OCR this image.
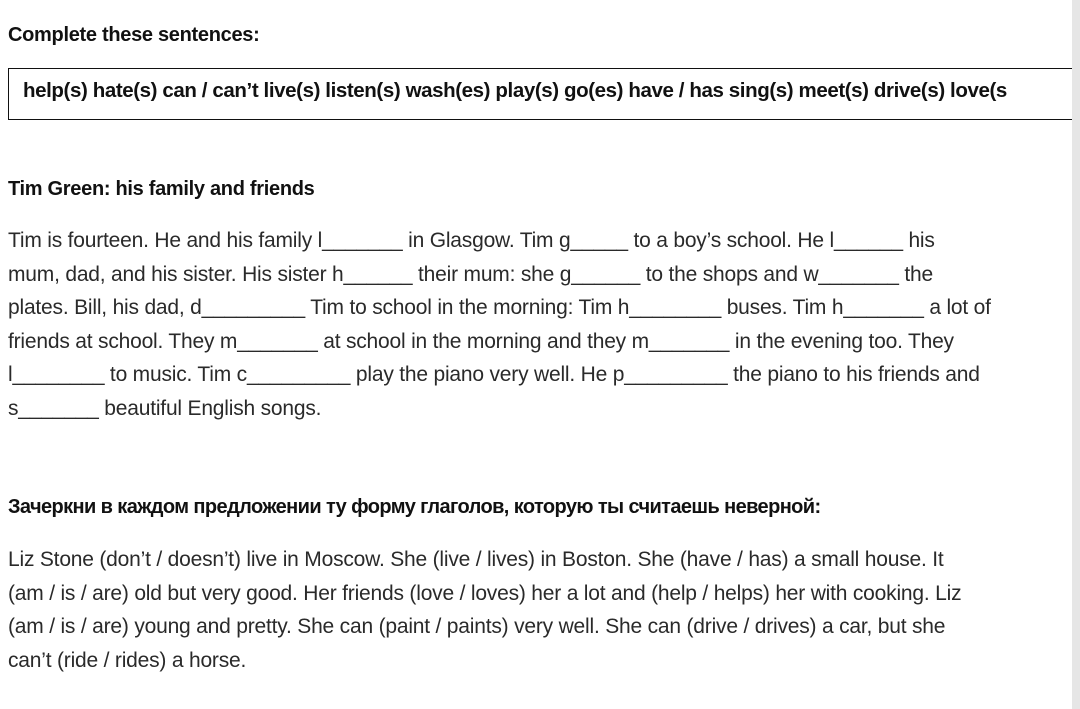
Complete these sentences:
help(s) hate(s) can / can’t live(s) listen(s) wash(es) play(s) go(es) have / has sing(s) meet(s) drive(s) love(s
Tim Green: his family and friends
Tim is fourteen. He and his family l_______ in Glasgow. Tim g_____ to a boy’s school. He l______ his
mum, dad, and his sister. His sister h______ their mum: she g______ to the shops and w_______ the
plates. Bill, his dad, d_________ Tim to school in the morning: Tim h________ buses. Tim h_______ a lot of
friends at school. They m_______ at school in the morning and they m_______ in the evening too. They
l________ to music. Tim c_________ play the piano very well. He p_________ the piano to his friends and
s_______ beautiful English songs.
Зачеркни в каждом предложении ту форму глаголов, которую ты считаешь неверной:
Liz Stone (don’t / doesn’t) live in Moscow. She (live / lives) in Boston. She (have / has) a small house. It
(am / is / are) old but very good. Her friends (love / loves) her a lot and (help / helps) her with cooking. Liz
(am / is / are) young and pretty. She can (paint / paints) very well. She can (drive / drives) a car, but she
can’t (ride / rides) a horse.
